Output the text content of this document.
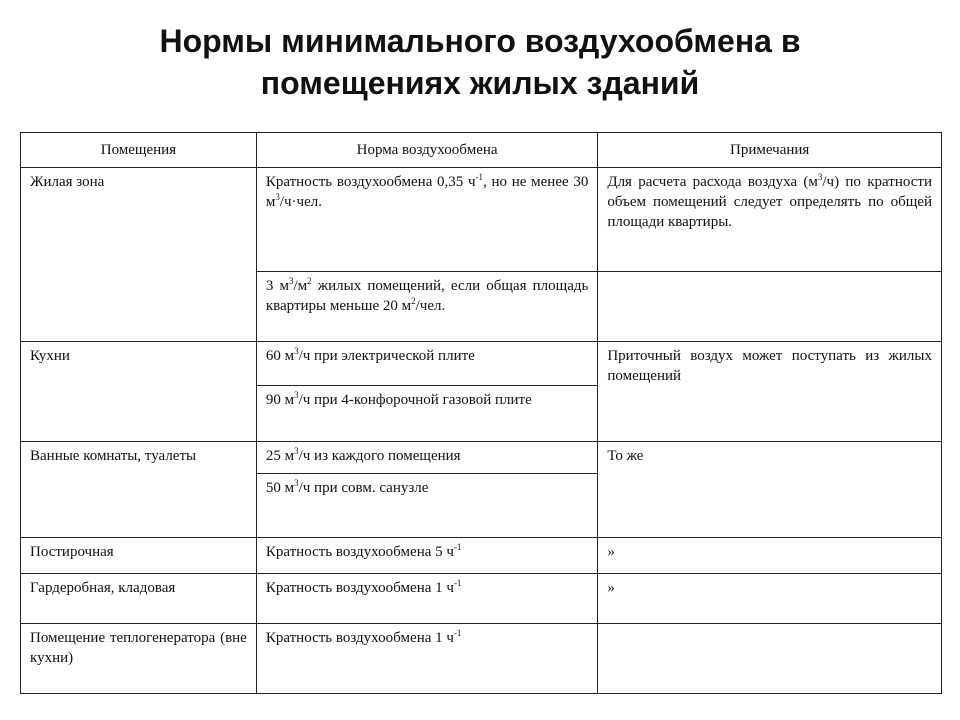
Нормы минимального воздухообмена в
помещениях жилых зданий
Помещения	Норма воздухообмена	Примечания
Жилая зона	Кратность воздухообмена 0,35 $ч^{-1}$, но не менее 30 $м^3/ч\cdot чел$.	Для расчета расхода воздуха $(м^3/ч)$ по кратности объем помещений следует определять по общей площади квартиры.
	3 $м^3/м^2$ жилых помещений, если общая площадь квартиры меньше 20 $м^2$/чел.	
Кухни	60 $м^3/ч$ при электрической плите	Приточный воздух может поступать из жилых помещений
	90 $м^3/ч$ при 4-конфорочной газовой плите	
Ванные комнаты, туалеты	25 $м^3/ч$ из каждого помещения	То же
	50 $м^3/ч$ при совм. санузле	
Постирочная	Кратность воздухообмена 5 $ч^{-1}$	»
Гардеробная, кладовая	Кратность воздухообмена 1 $ч^{-1}$	»
Помещение теплогенератора (вне кухни)	Кратность воздухообмена 1 $ч^{-1}$	
